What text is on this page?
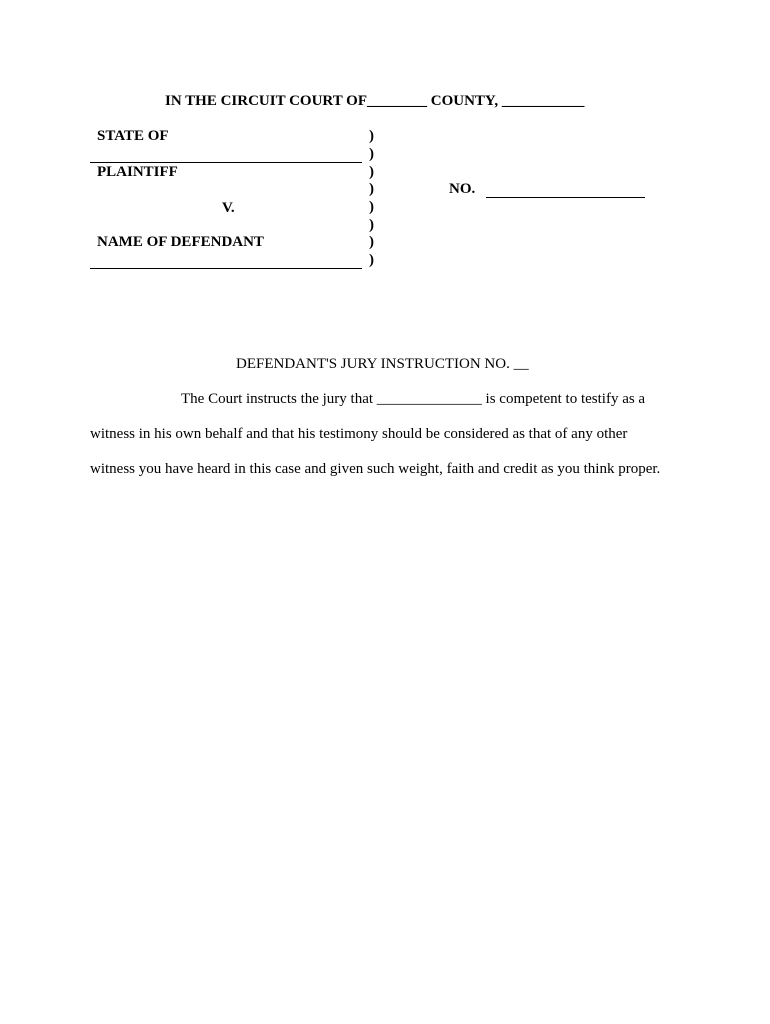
IN THE CIRCUIT COURT OF________ COUNTY, ___________
STATE OF
PLAINTIFF
V.
NAME OF DEFENDANT
)
)
)
)
)
)
)
)
NO.
DEFENDANT'S JURY INSTRUCTION NO. __
The Court instructs the jury that ______________ is competent to testify as a
witness in his own behalf and that his testimony should be considered as that of any other
witness you have heard in this case and given such weight, faith and credit as you think proper.
